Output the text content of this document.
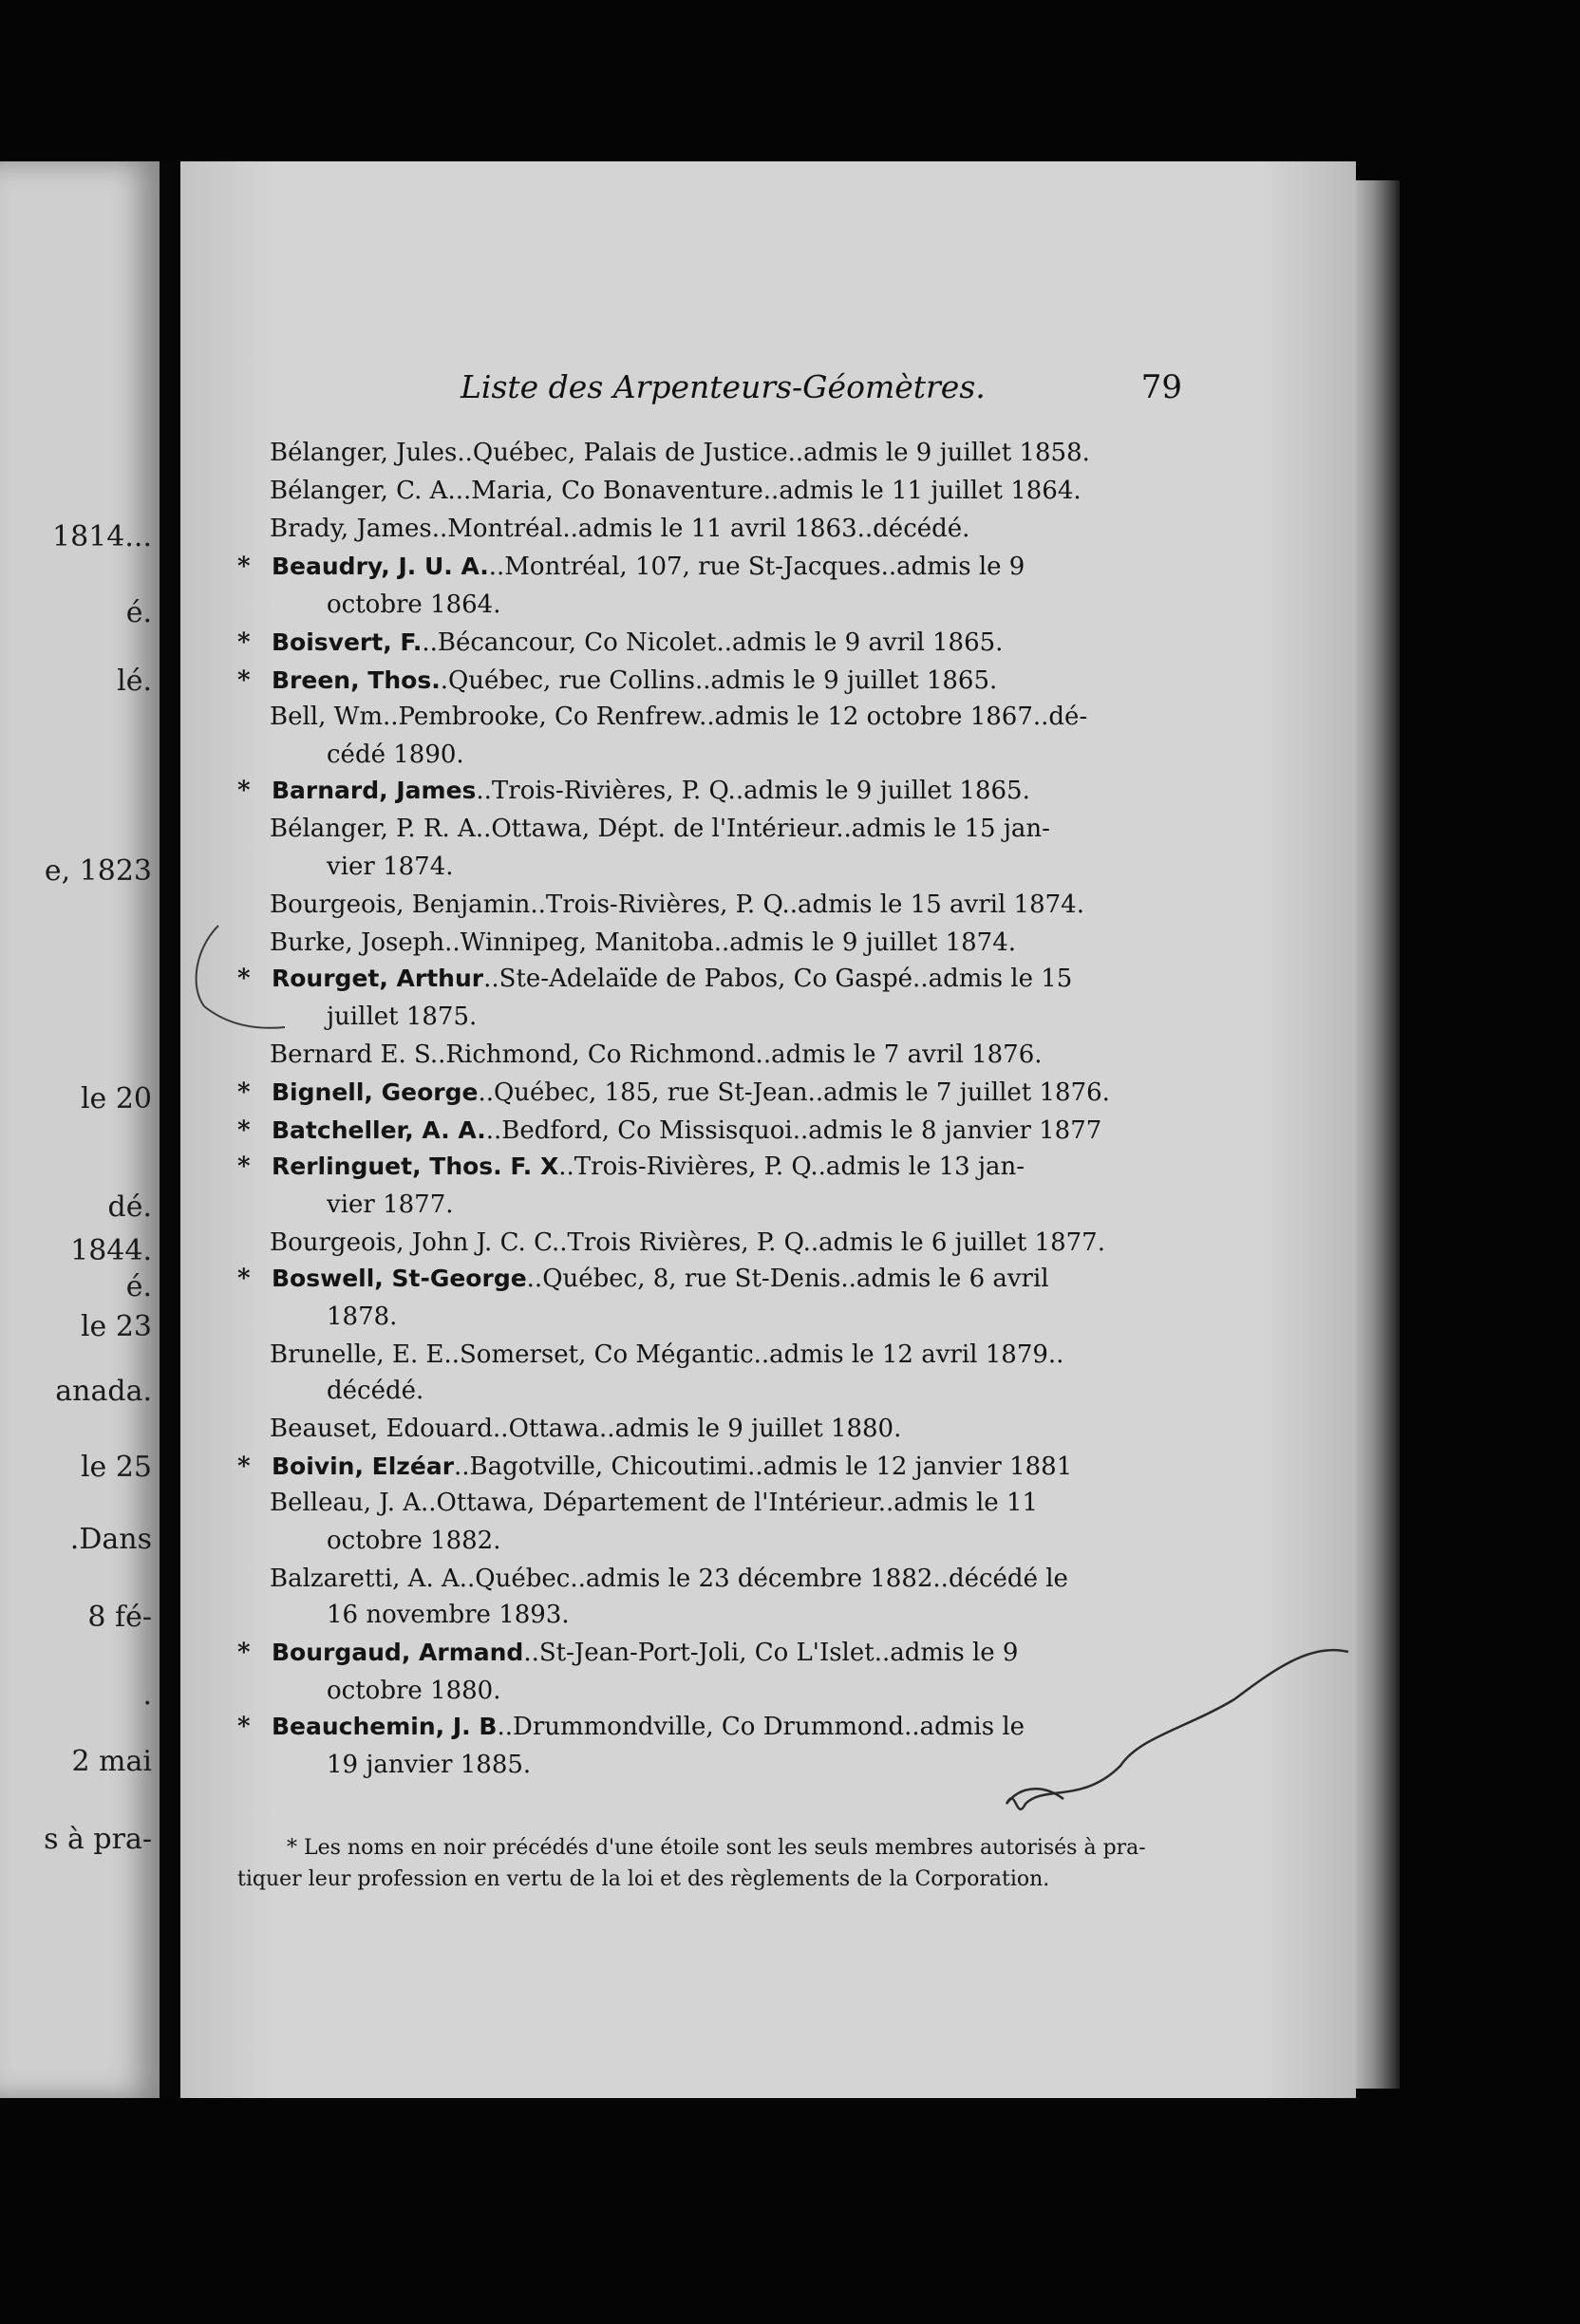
1814...
é.
lé.
e, 1823
le 20
dé.
1844.
é.
le 23
anada.
le 25
.Dans
8 fé-
.
2 mai
s à pra-
Liste des Arpenteurs-Géomètres.	79
Bélanger, Jules..Québec, Palais de Justice..admis le 9 juillet 1858.
Bélanger, C. A...Maria, Co Bonaventure..admis le 11 juillet 1864.
Brady, James..Montréal..admis le 11 avril 1863..décédé.
* Beaudry, J. U. A...Montréal, 107, rue St-Jacques..admis le 9
octobre 1864.
* Boisvert, F...Bécancour, Co Nicolet..admis le 9 avril 1865.
* Breen, Thos..Québec, rue Collins..admis le 9 juillet 1865.
Bell, Wm..Pembrooke, Co Renfrew..admis le 12 octobre 1867..dé-
cédé 1890.
* Barnard, James..Trois-Rivières, P. Q..admis le 9 juillet 1865.
Bélanger, P. R. A..Ottawa, Dépt. de l'Intérieur..admis le 15 jan-
vier 1874.
Bourgeois, Benjamin..Trois-Rivières, P. Q..admis le 15 avril 1874.
Burke, Joseph..Winnipeg, Manitoba..admis le 9 juillet 1874.
* Rourget, Arthur..Ste-Adelaïde de Pabos, Co Gaspé..admis le 15
juillet 1875.
Bernard E. S..Richmond, Co Richmond..admis le 7 avril 1876.
* Bignell, George..Québec, 185, rue St-Jean..admis le 7 juillet 1876.
* Batcheller, A. A...Bedford, Co Missisquoi..admis le 8 janvier 1877
* Rerlinguet, Thos. F. X..Trois-Rivières, P. Q..admis le 13 jan-
vier 1877.
Bourgeois, John J. C. C..Trois Rivières, P. Q..admis le 6 juillet 1877.
* Boswell, St-George..Québec, 8, rue St-Denis..admis le 6 avril
1878.
Brunelle, E. E..Somerset, Co Mégantic..admis le 12 avril 1879..
décédé.
Beauset, Edouard..Ottawa..admis le 9 juillet 1880.
* Boivin, Elzéar..Bagotville, Chicoutimi..admis le 12 janvier 1881
Belleau, J. A..Ottawa, Département de l'Intérieur..admis le 11
octobre 1882.
Balzaretti, A. A..Québec..admis le 23 décembre 1882..décédé le
16 novembre 1893.
* Bourgaud, Armand..St-Jean-Port-Joli, Co L'Islet..admis le 9
octobre 1880.
* Beauchemin, J. B..Drummondville, Co Drummond..admis le
19 janvier 1885.
* Les noms en noir précédés d'une étoile sont les seuls membres autorisés à pra-
tiquer leur profession en vertu de la loi et des règlements de la Corporation.
